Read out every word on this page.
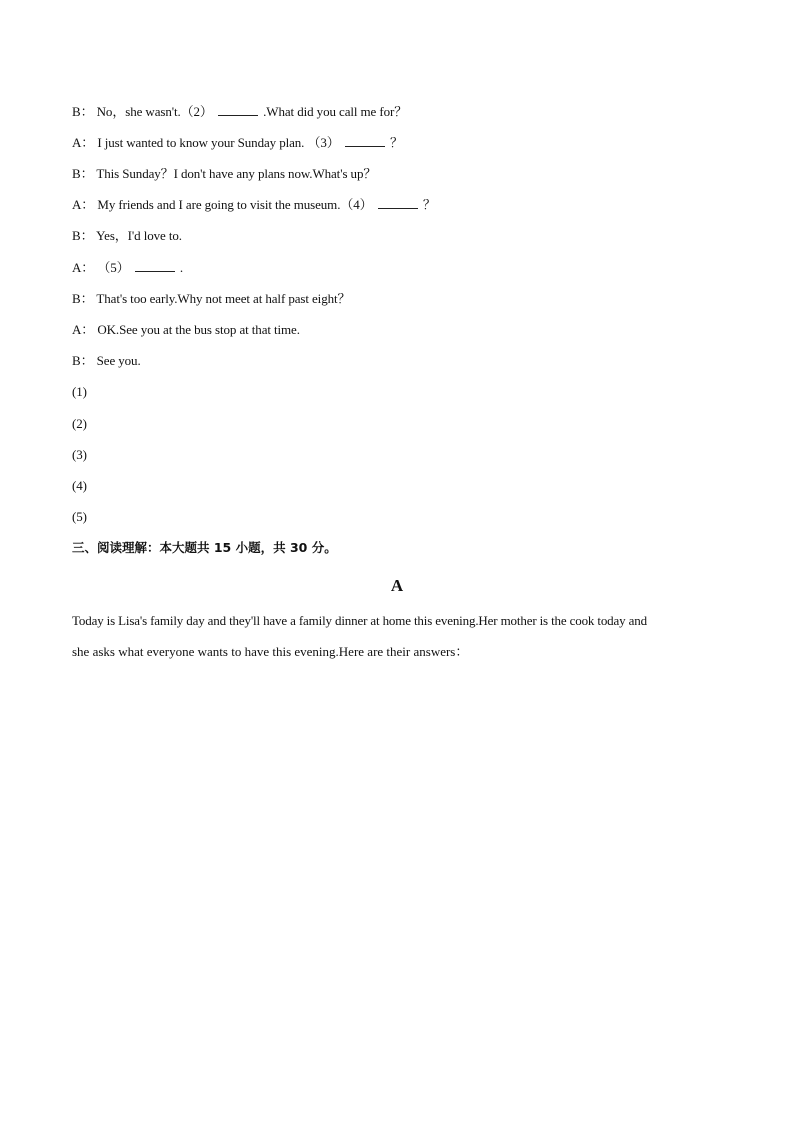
B： No，she wasn't.（2）	.What did you call me for？
A： I just wanted to know your Sunday plan. （3）	？
B： This Sunday？I don't have any plans now.What's up？
A： My friends and I are going to visit the museum.（4）	？
B： Yes，I'd love to.
A： （5）	.
B： That's too early.Why not meet at half past eight？
A： OK.See you at the bus stop at that time.
B： See you.
(1)
(2)
(3)
(4)
(5)
三、阅读理解：本大题共 15 小题，共 30 分。
A
Today is Lisa's family day and they'll have a family dinner at home this evening.Her mother is the cook today and
she asks what everyone wants to have this evening.Here are their answers：
